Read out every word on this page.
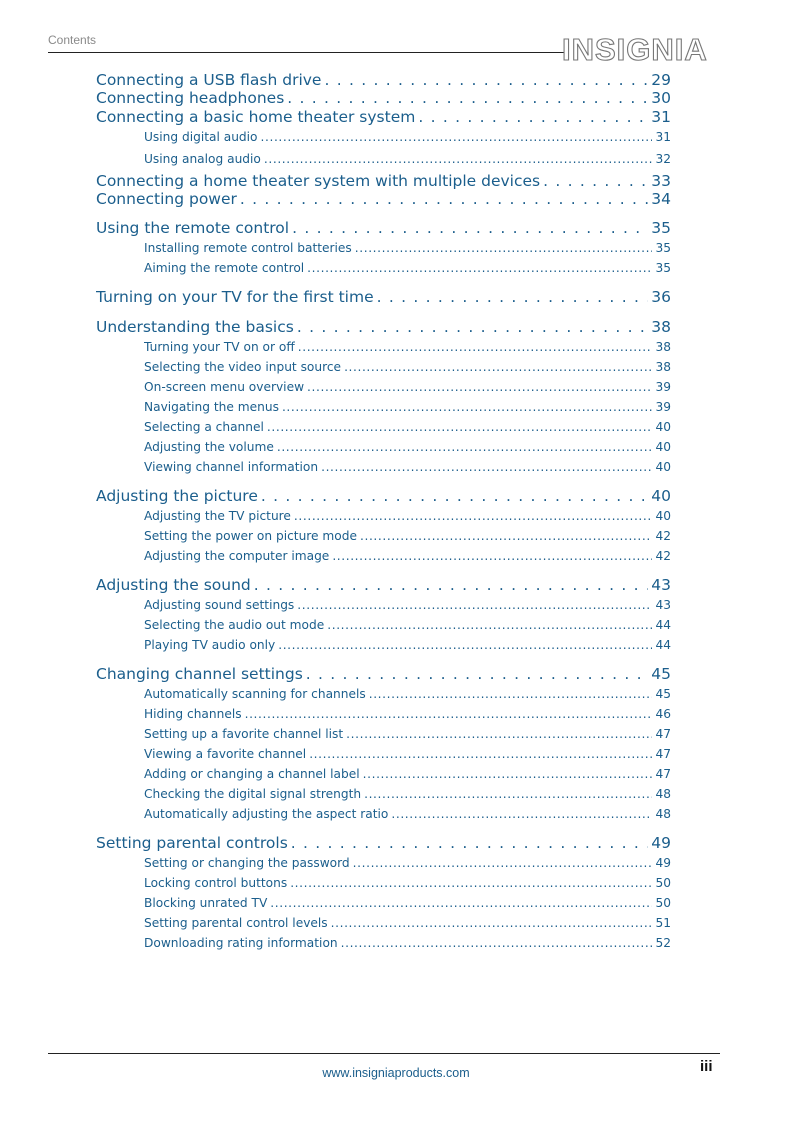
Contents	INSIGNIA
Connecting a USB flash drive . . .	29
Connecting headphones . . .	30
Connecting a basic home theater system . . .	31
Using digital audio .....	31
Using analog audio .....	32
Connecting a home theater system with multiple devices . . .	33
Connecting power . . .	34
Using the remote control . . .	35
Installing remote control batteries .....	35
Aiming the remote control .....	35
Turning on your TV for the first time . . .	36
Understanding the basics . . .	38
Turning your TV on or off .....	38
Selecting the video input source .....	38
On-screen menu overview .....	39
Navigating the menus .....	39
Selecting a channel .....	40
Adjusting the volume .....	40
Viewing channel information .....	40
Adjusting the picture . . .	40
Adjusting the TV picture .....	40
Setting the power on picture mode .....	42
Adjusting the computer image .....	42
Adjusting the sound . . .	43
Adjusting sound settings .....	43
Selecting the audio out mode .....	44
Playing TV audio only .....	44
Changing channel settings . . .	45
Automatically scanning for channels .....	45
Hiding channels .....	46
Setting up a favorite channel list .....	47
Viewing a favorite channel .....	47
Adding or changing a channel label .....	47
Checking the digital signal strength .....	48
Automatically adjusting the aspect ratio .....	48
Setting parental controls . . .	49
Setting or changing the password .....	49
Locking control buttons .....	50
Blocking unrated TV .....	50
Setting parental control levels .....	51
Downloading rating information .....	52
www.insigniaproducts.com	iii
